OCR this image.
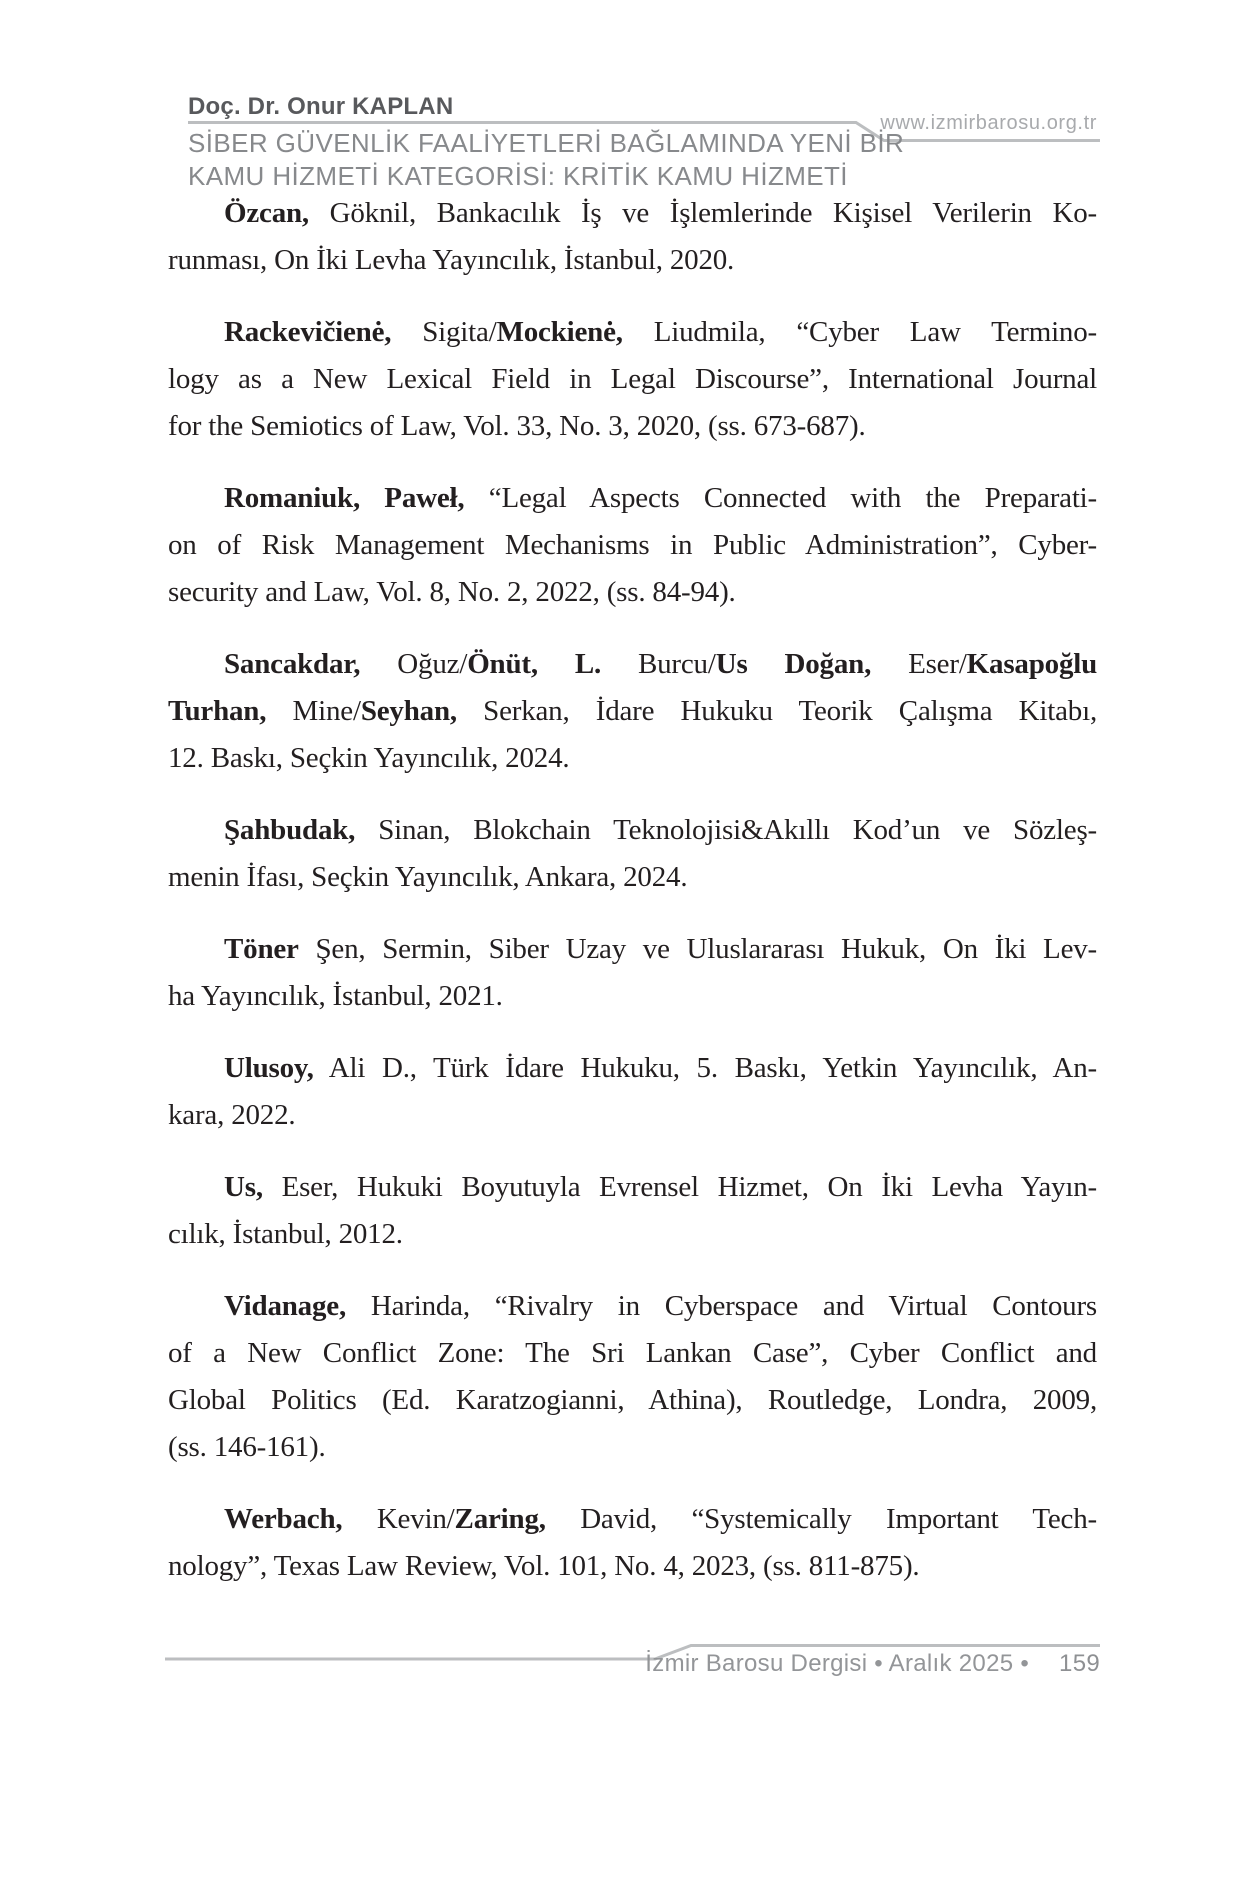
Doç. Dr. Onur KAPLAN
www.izmirbarosu.org.tr
SİBER GÜVENLİK FAALİYETLERİ BAĞLAMINDA YENİ BİR
KAMU HİZMETİ KATEGORİSİ: KRİTİK KAMU HİZMETİ

Özcan, Göknil, Bankacılık İş ve İşlemlerinde Kişisel Verilerin Ko-
runması, On İki Levha Yayıncılık, İstanbul, 2020.

Rackevičienė, Sigita/Mockienė, Liudmila, “Cyber Law Termino-
logy as a New Lexical Field in Legal Discourse”, International Journal
for the Semiotics of Law, Vol. 33, No. 3, 2020, (ss. 673-687).

Romaniuk, Paweł, “Legal Aspects Connected with the Preparati-
on of Risk Management Mechanisms in Public Administration”, Cyber-
security and Law, Vol. 8, No. 2, 2022, (ss. 84-94).

Sancakdar, Oğuz/Önüt, L. Burcu/Us Doğan, Eser/Kasapoğlu
Turhan, Mine/Seyhan, Serkan, İdare Hukuku Teorik Çalışma Kitabı,
12. Baskı, Seçkin Yayıncılık, 2024.

Şahbudak, Sinan, Blokchain Teknolojisi&Akıllı Kod’un ve Sözleş-
menin İfası, Seçkin Yayıncılık, Ankara, 2024.

Töner Şen, Sermin, Siber Uzay ve Uluslararası Hukuk, On İki Lev-
ha Yayıncılık, İstanbul, 2021.

Ulusoy, Ali D., Türk İdare Hukuku, 5. Baskı, Yetkin Yayıncılık, An-
kara, 2022.

Us, Eser, Hukuki Boyutuyla Evrensel Hizmet, On İki Levha Yayın-
cılık, İstanbul, 2012.

Vidanage, Harinda, “Rivalry in Cyberspace and Virtual Contours
of a New Conflict Zone: The Sri Lankan Case”, Cyber Conflict and
Global Politics (Ed. Karatzogianni, Athina), Routledge, Londra, 2009,
(ss. 146-161).

Werbach, Kevin/Zaring, David, “Systemically Important Tech-
nology”, Texas Law Review, Vol. 101, No. 4, 2023, (ss. 811-875).

İzmir Barosu Dergisi • Aralık 2025 • 159
